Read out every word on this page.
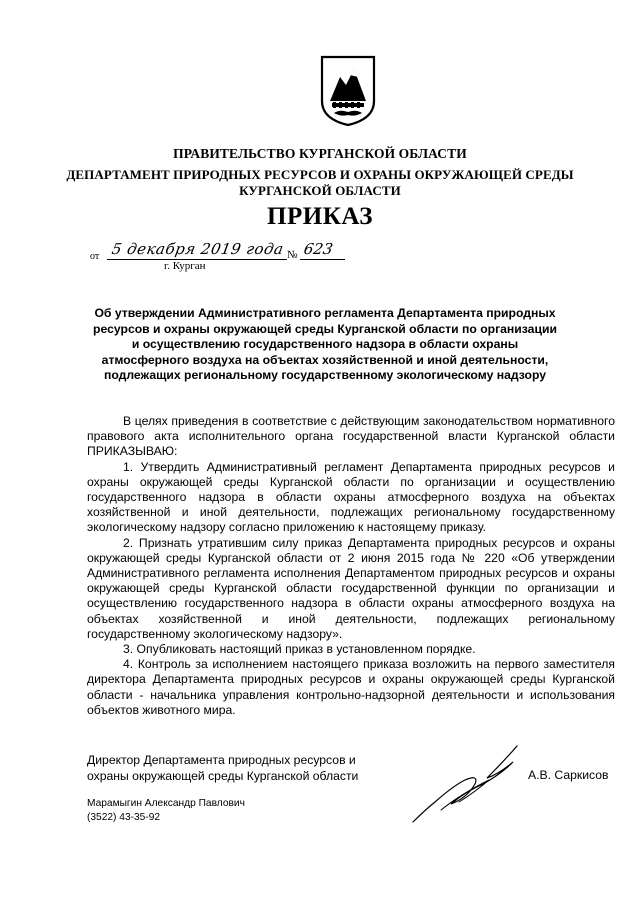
ПРАВИТЕЛЬСТВО КУРГАНСКОЙ ОБЛАСТИ
ДЕПАРТАМЕНТ ПРИРОДНЫХ РЕСУРСОВ И ОХРАНЫ ОКРУЖАЮЩЕЙ СРЕДЫ
КУРГАНСКОЙ ОБЛАСТИ
ПРИКАЗ
от 5 декабря 2019 года № 623
г. Курган
Об утверждении Административного регламента Департамента природных ресурсов и охраны окружающей среды Курганской области по организации и осуществлению государственного надзора в области охраны атмосферного воздуха на объектах хозяйственной и иной деятельности, подлежащих региональному государственному экологическому надзору

В целях приведения в соответствие с действующим законодательством нормативного правового акта исполнительного органа государственной власти Курганской области ПРИКАЗЫВАЮ:

1. Утвердить Административный регламент Департамента природных ресурсов и охраны окружающей среды Курганской области по организации и осуществлению государственного надзора в области охраны атмосферного воздуха на объектах хозяйственной и иной деятельности, подлежащих региональному государственному экологическому надзору согласно приложению к настоящему приказу.

2. Признать утратившим силу приказ Департамента природных ресурсов и охраны окружающей среды Курганской области от 2 июня 2015 года № 220 «Об утверждении Административного регламента исполнения Департаментом природных ресурсов и охраны окружающей среды Курганской области государственной функции по организации и осуществлению государственного надзора в области охраны атмосферного воздуха на объектах хозяйственной и иной деятельности, подлежащих региональному государственному экологическому надзору».

3. Опубликовать настоящий приказ в установленном порядке.

4. Контроль за исполнением настоящего приказа возложить на первого заместителя директора Департамента природных ресурсов и охраны окружающей среды Курганской области - начальника управления контрольно-надзорной деятельности и использования объектов животного мира.

Директор Департамента природных ресурсов и
охраны окружающей среды Курганской области	А.В. Саркисов
Марамыгин Александр Павлович
(3522) 43-35-92
